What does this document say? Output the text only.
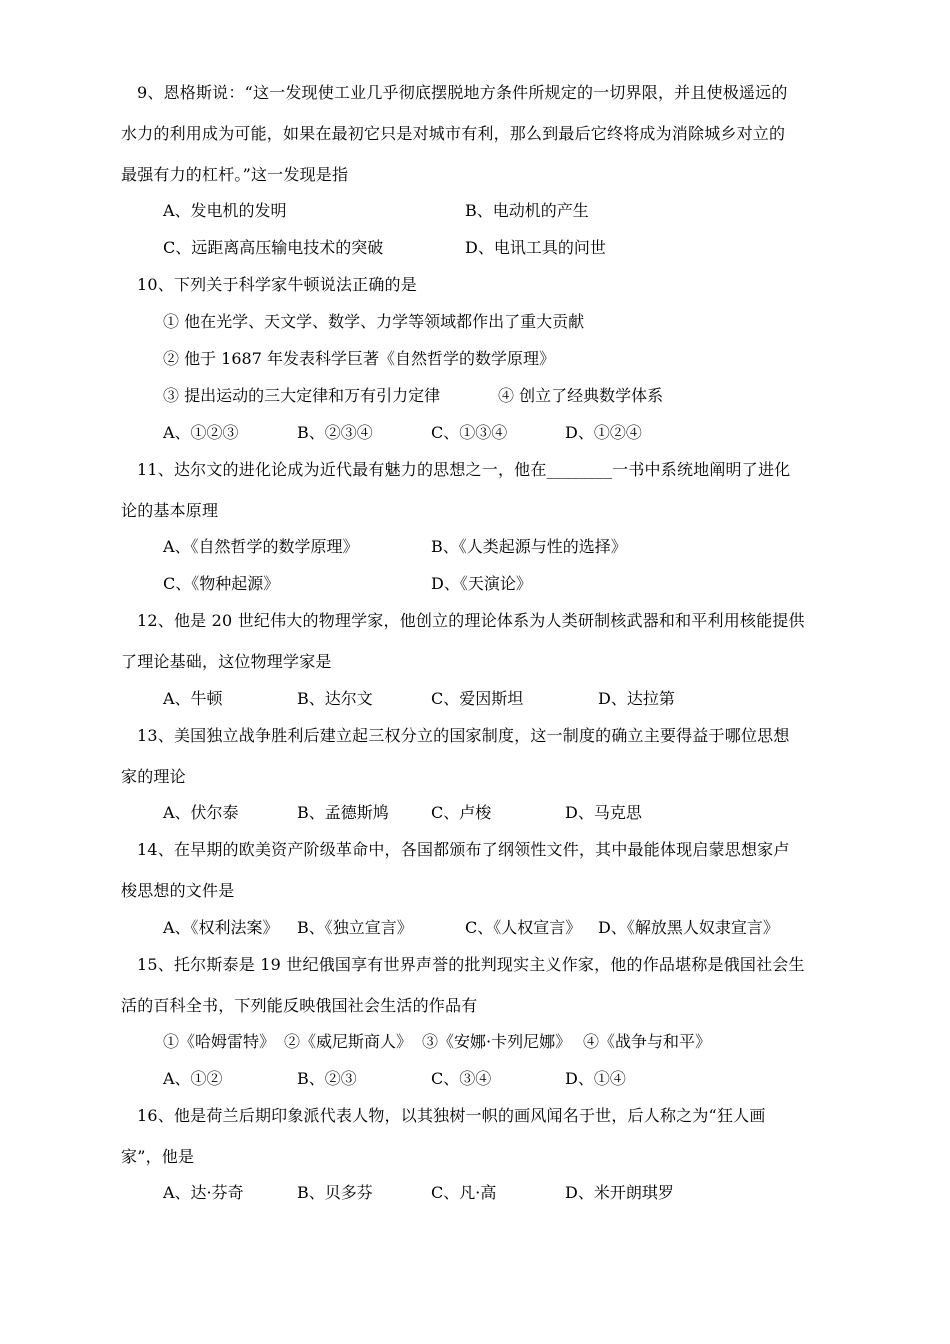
9、恩格斯说：“这一发现使工业几乎彻底摆脱地方条件所规定的一切界限，并且使极遥远的
水力的利用成为可能，如果在最初它只是对城市有利，那么到最后它终将成为消除城乡对立的
最强有力的杠杆。”这一发现是指
A、发电机的发明	B、电动机的产生
C、远距离高压输电技术的突破	D、电讯工具的问世
10、下列关于科学家牛顿说法正确的是
① 他在光学、天文学、数学、力学等领域都作出了重大贡献
② 他于 1687 年发表科学巨著《自然哲学的数学原理》
③ 提出运动的三大定律和万有引力定律	④ 创立了经典数学体系
A、①②③	B、②③④	C、①③④	D、①②④
11、达尔文的进化论成为近代最有魅力的思想之一，他在________一书中系统地阐明了进化
论的基本原理
A、《自然哲学的数学原理》	B、《人类起源与性的选择》
C、《物种起源》	D、《天演论》
12、他是 20 世纪伟大的物理学家，他创立的理论体系为人类研制核武器和和平利用核能提供
了理论基础，这位物理学家是
A、牛顿	B、达尔文	C、爱因斯坦	D、达拉第
13、美国独立战争胜利后建立起三权分立的国家制度，这一制度的确立主要得益于哪位思想
家的理论
A、伏尔泰	B、孟德斯鸠	C、卢梭	D、马克思
14、在早期的欧美资产阶级革命中，各国都颁布了纲领性文件，其中最能体现启蒙思想家卢
梭思想的文件是
A、《权利法案》 B、《独立宣言》	C、《人权宣言》 D、《解放黑人奴隶宣言》
15、托尔斯泰是 19 世纪俄国享有世界声誉的批判现实主义作家，他的作品堪称是俄国社会生
活的百科全书，下列能反映俄国社会生活的作品有
①《哈姆雷特》 ②《威尼斯商人》 ③《安娜·卡列尼娜》 ④《战争与和平》
A、①②	B、②③	C、③④	D、①④
16、他是荷兰后期印象派代表人物，以其独树一帜的画风闻名于世，后人称之为“狂人画
家”，他是
A、达·芬奇	B、贝多芬	C、凡·高	D、米开朗琪罗
